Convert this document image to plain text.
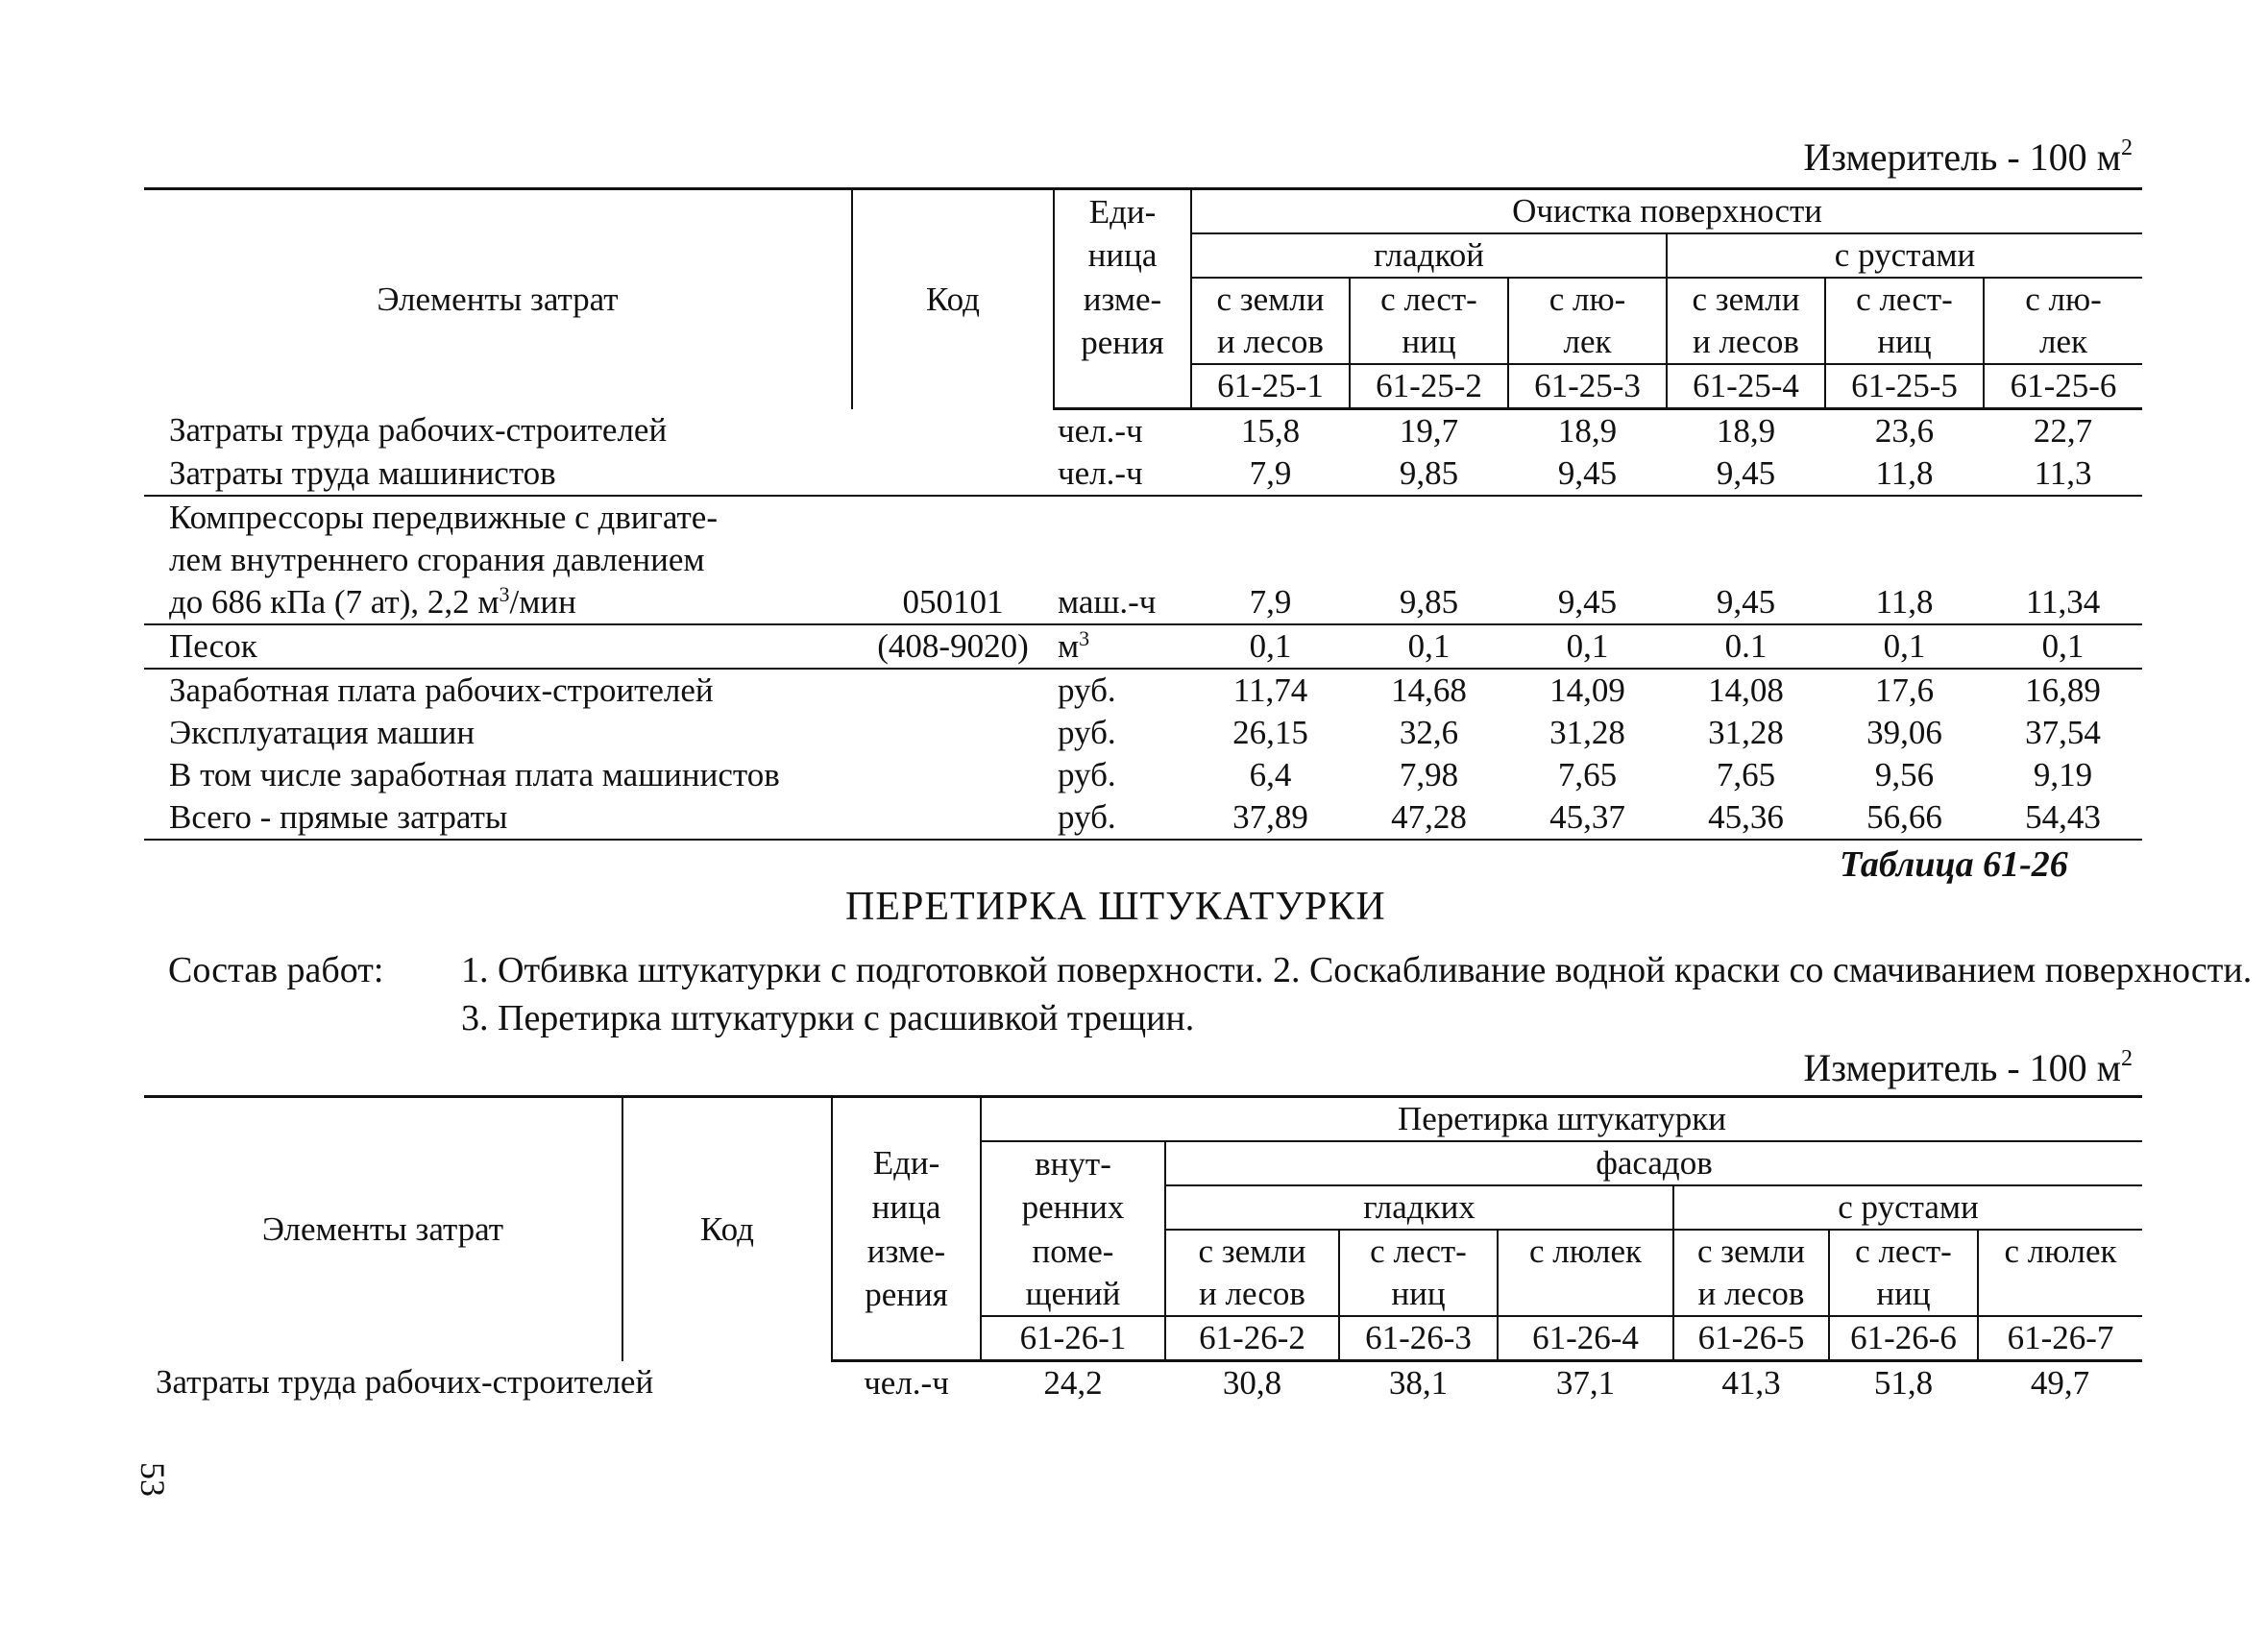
Измеритель - 100 $м^2$
Элементы затрат	Код	Еди-	Очистка поверхности					
		ница	гладкой			с рустами		
		изме-	с земли	с лест-	с лю-	с земли	с лест-	с лю-
		рения	и лесов	ниц	лек	и лесов	ниц	лек
			61-25-1	61-25-2	61-25-3	61-25-4	61-25-5	61-25-6
Затраты труда рабочих-строителей		чел.-ч	15,8	19,7	18,9	18,9	23,6	22,7
Затраты труда машинистов		чел.-ч	7,9	9,85	9,45	9,45	11,8	11,3
Компрессоры передвижные с двигате-								
лем внутреннего сгорания давлением								
до 686 кПа (7 ат), 2,2 $м^3$/мин	050101	маш.-ч	7,9	9,85	9,45	9,45	11,8	11,34
Песок	(408-9020)	$м^3$	0,1	0,1	0,1	0.1	0,1	0,1
Заработная плата рабочих-строителей		руб.	11,74	14,68	14,09	14,08	17,6	16,89
Эксплуатация машин		руб.	26,15	32,6	31,28	31,28	39,06	37,54
В том числе заработная плата машинистов		руб.	6,4	7,98	7,65	7,65	9,56	9,19
Всего - прямые затраты		руб.	37,89	47,28	45,37	45,36	56,66	54,43
Таблица 61-26
ПЕРЕТИРКА ШТУКАТУРКИ
Состав работ: 1. Отбивка штукатурки с подготовкой поверхности. 2. Соскабливание водной краски со смачиванием поверхности. 3. Перетирка штукатурки с расшивкой трещин.
Измеритель - 100 $м^2$
Элементы затрат	Код		Перетирка штукатурки						
		Еди-	внут-	фасадов					
		ница	ренних	гладких			с рустами		
		изме-	поме-	с земли	с лест-	с люлек	с земли	с лест-	с люлек
		рения	щений	и лесов	ниц		и лесов	ниц	
			61-26-1	61-26-2	61-26-3	61-26-4	61-26-5	61-26-6	61-26-7
Затраты труда рабочих-строителей		чел.-ч	24,2	30,8	38,1	37,1	41,3	51,8	49,7
53
